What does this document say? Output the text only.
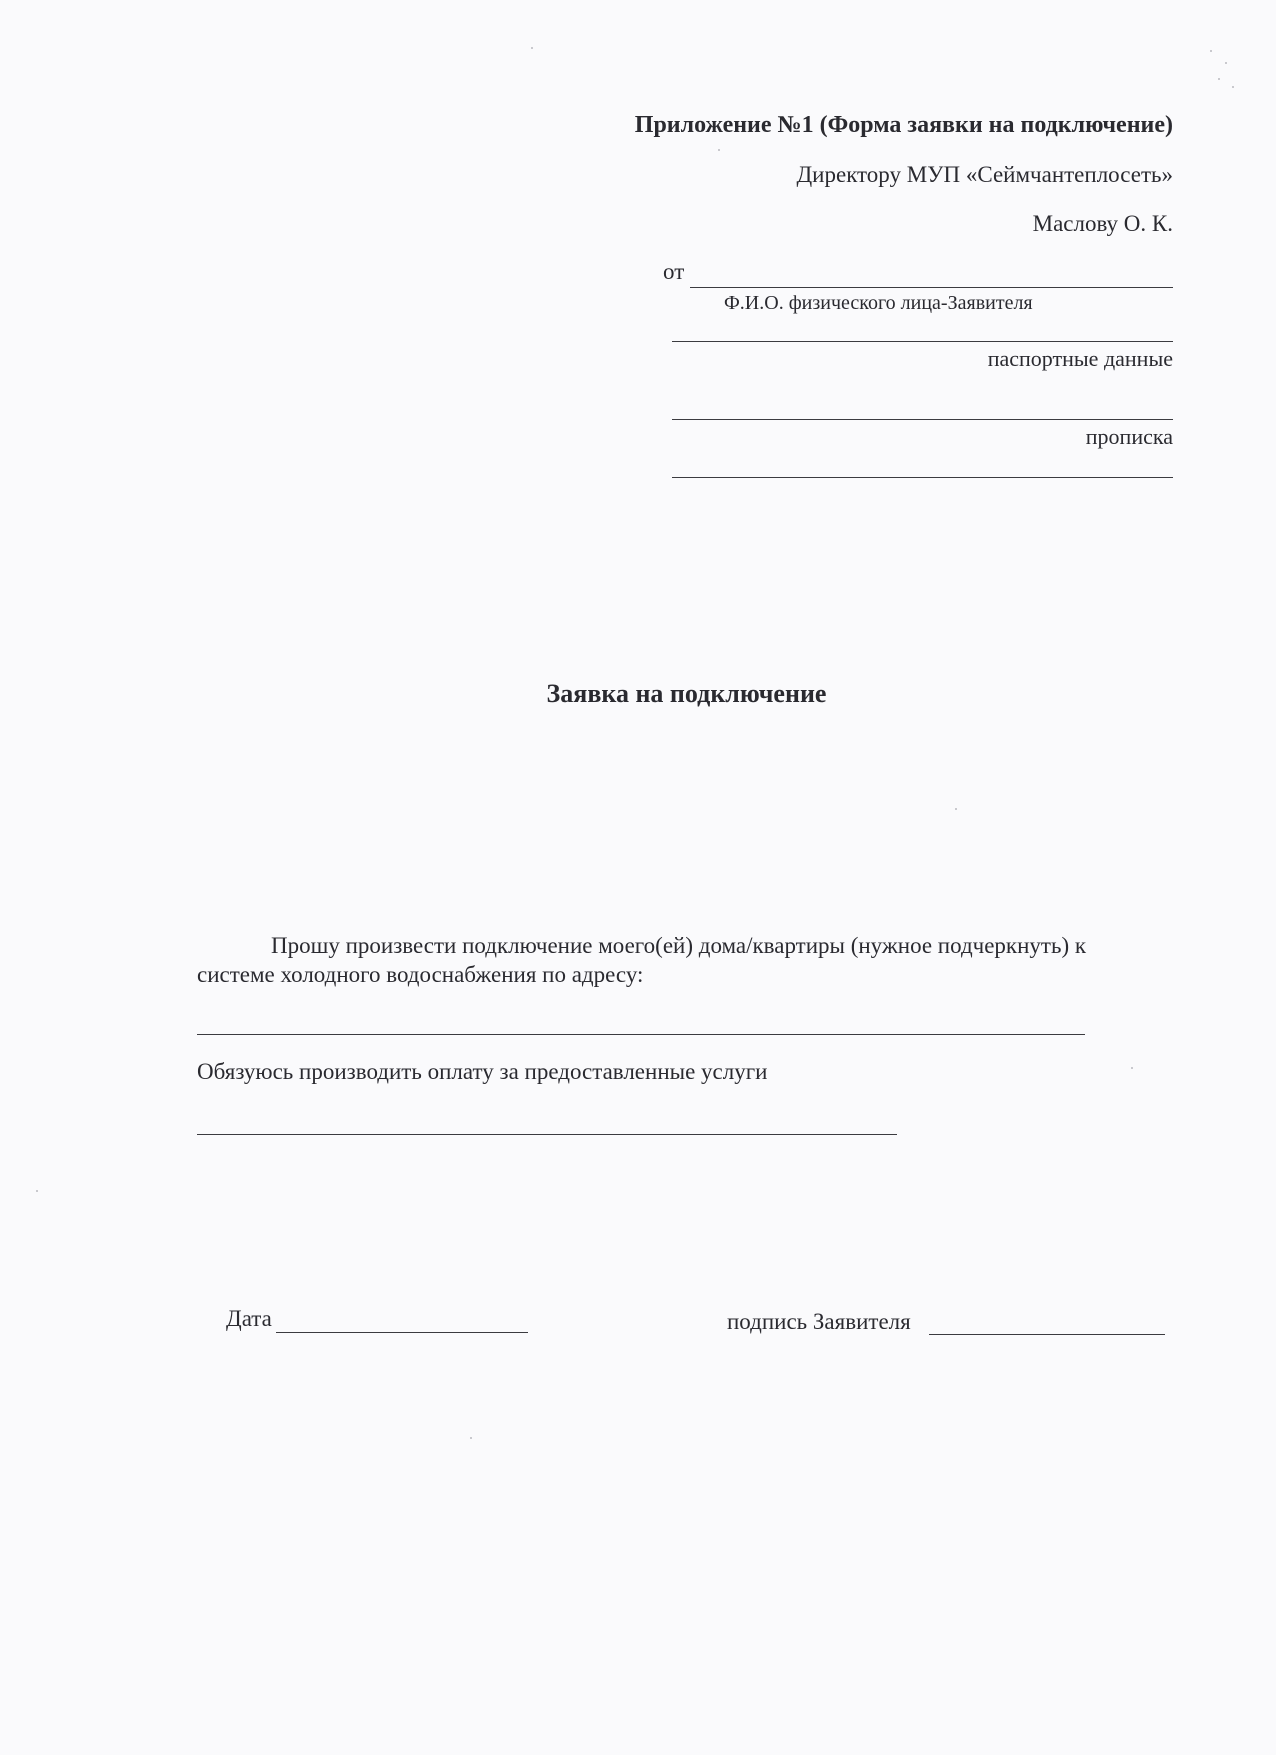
Приложение №1 (Форма заявки на подключение)
Директору МУП «Сеймчантеплосеть»
Маслову О. К.
от
Ф.И.О. физического лица-Заявителя
паспортные данные
прописка
Заявка на подключение
Прошу произвести подключение моего(ей) дома/квартиры (нужное подчеркнуть) к
системе холодного водоснабжения по адресу:
Обязуюсь производить оплату за предоставленные услуги
Дата	подпись Заявителя
